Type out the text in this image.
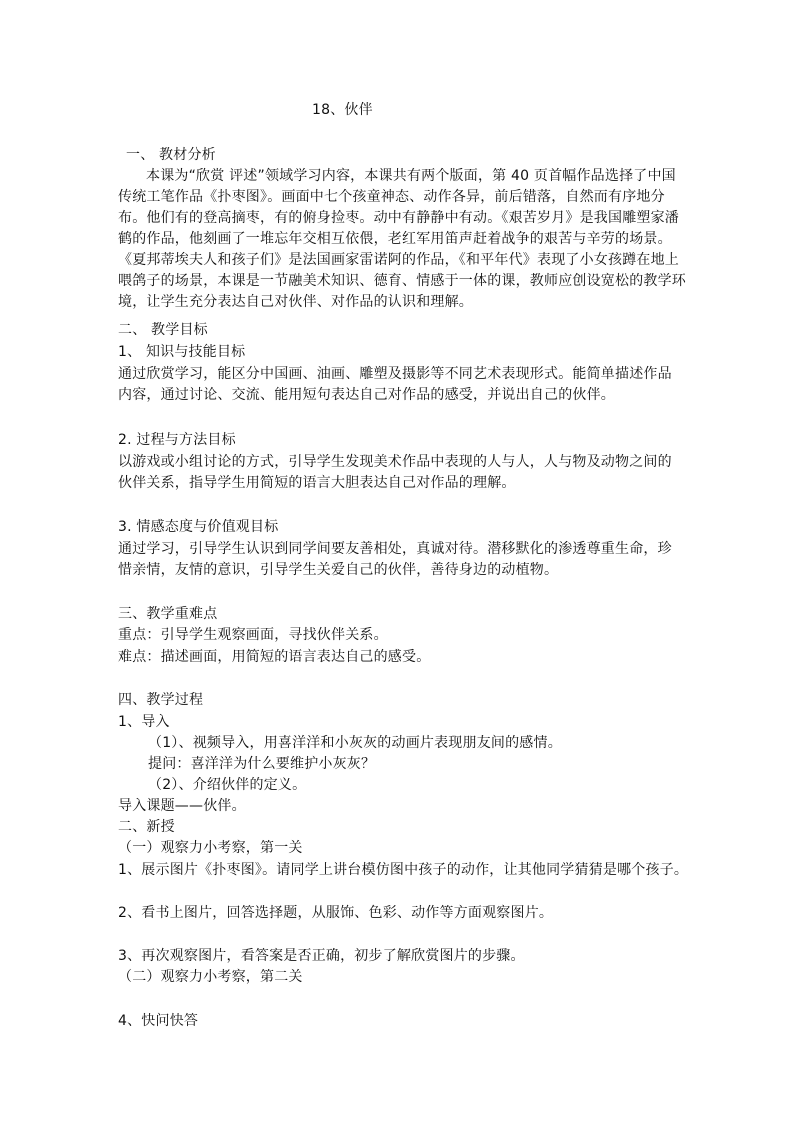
18、伙伴
一、 教材分析
本课为“欣赏 评述”领域学习内容，本课共有两个版面，第 40 页首幅作品选择了中国传统工笔作品《扑枣图》。画面中七个孩童神态、动作各异，前后错落，自然而有序地分布。他们有的登高摘枣，有的俯身捡枣。动中有静静中有动。《艰苦岁月》是我国雕塑家潘鹤的作品，他刻画了一堆忘年交相互依偎，老红军用笛声赶着战争的艰苦与辛劳的场景。《夏邦蒂埃夫人和孩子们》是法国画家雷诺阿的作品，《和平年代》表现了小女孩蹲在地上喂鸽子的场景，本课是一节融美术知识、德育、情感于一体的课，教师应创设宽松的教学环境，让学生充分表达自己对伙伴、对作品的认识和理解。
二、 教学目标
1、 知识与技能目标
通过欣赏学习，能区分中国画、油画、雕塑及摄影等不同艺术表现形式。能简单描述作品内容，通过讨论、交流、能用短句表达自己对作品的感受，并说出自己的伙伴。
2. 过程与方法目标
以游戏或小组讨论的方式，引导学生发现美术作品中表现的人与人，人与物及动物之间的伙伴关系，指导学生用简短的语言大胆表达自己对作品的理解。
3. 情感态度与价值观目标
通过学习，引导学生认识到同学间要友善相处，真诚对待。潜移默化的渗透尊重生命，珍惜亲情，友情的意识，引导学生关爱自己的伙伴，善待身边的动植物。
三、教学重难点
重点：引导学生观察画面，寻找伙伴关系。
难点：描述画面，用简短的语言表达自己的感受。
四、教学过程
1、导入
（1）、视频导入，用喜洋洋和小灰灰的动画片表现朋友间的感情。
提问：喜洋洋为什么要维护小灰灰？
（2）、介绍伙伴的定义。
导入课题——伙伴。
二、新授
（一）观察力小考察，第一关
1、展示图片《扑枣图》。请同学上讲台模仿图中孩子的动作，让其他同学猜猜是哪个孩子。
2、看书上图片，回答选择题，从服饰、色彩、动作等方面观察图片。
3、再次观察图片，看答案是否正确，初步了解欣赏图片的步骤。
（二）观察力小考察，第二关
4、快问快答
